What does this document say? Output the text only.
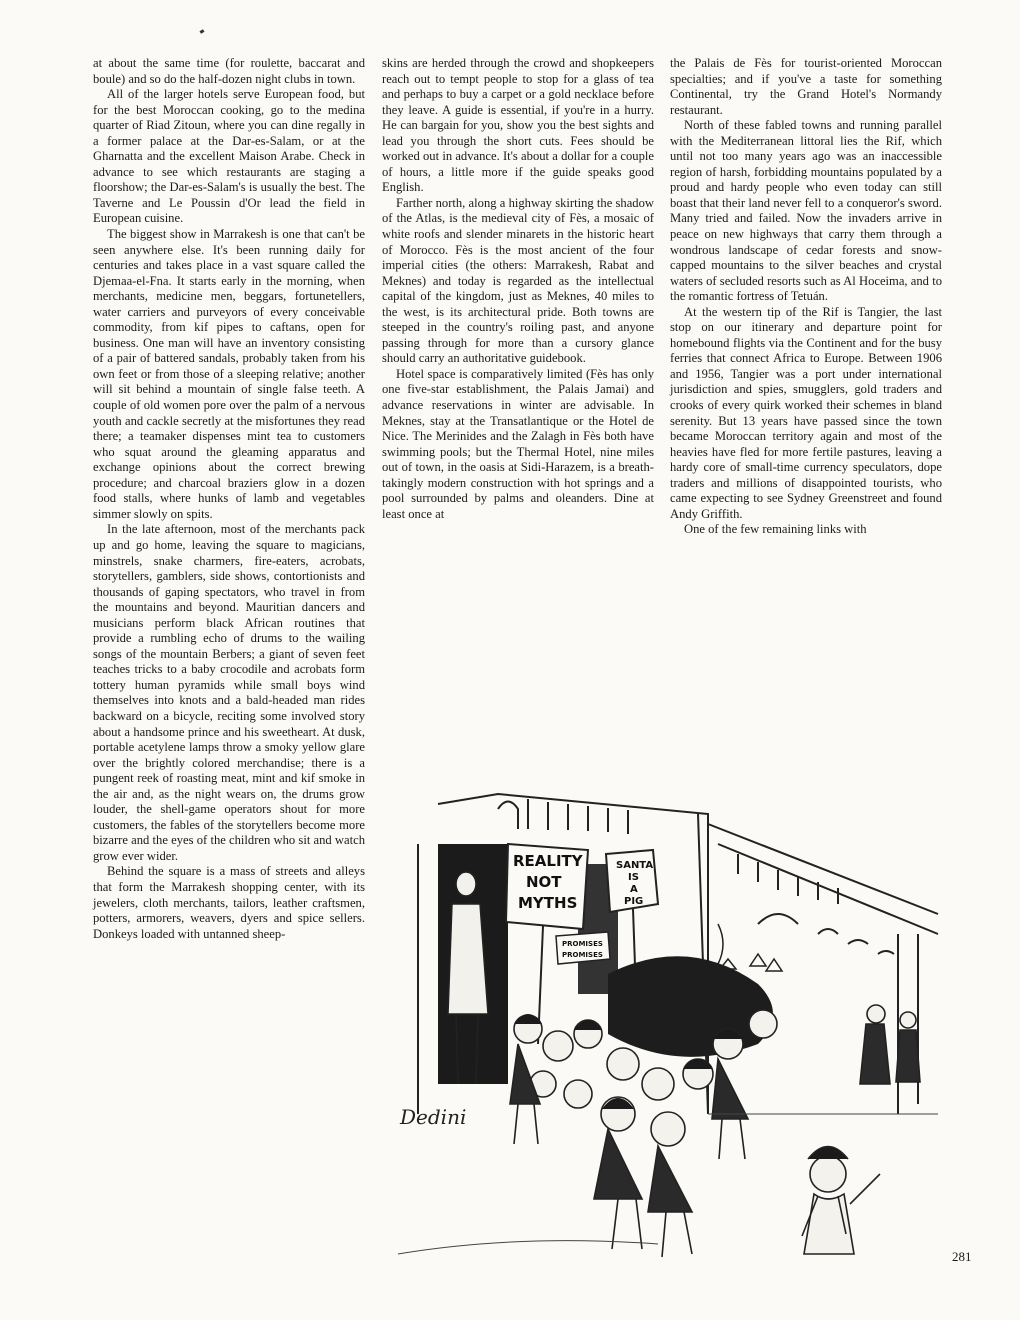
at about the same time (for roulette, baccarat and boule) and so do the half-dozen night clubs in town.

All of the larger hotels serve European food, but for the best Moroccan cooking, go to the medina quarter of Riad Zitoun, where you can dine regally in a former palace at the Dar-es-Salam, or at the Gharnatta and the excellent Maison Arabe. Check in advance to see which restaurants are staging a floorshow; the Dar-es-Salam's is usually the best. The Taverne and Le Poussin d'Or lead the field in European cuisine.

The biggest show in Marrakesh is one that can't be seen anywhere else. It's been running daily for centuries and takes place in a vast square called the Djemaa-el-Fna. It starts early in the morning, when merchants, medicine men, beggars, fortunetellers, water carriers and purveyors of every conceivable commodity, from kif pipes to caftans, open for business. One man will have an inventory consisting of a pair of battered sandals, probably taken from his own feet or from those of a sleeping relative; another will sit behind a mountain of single false teeth. A couple of old women pore over the palm of a nervous youth and cackle secretly at the misfortunes they read there; a teamaker dispenses mint tea to customers who squat around the gleaming apparatus and exchange opinions about the correct brewing procedure; and charcoal braziers glow in a dozen food stalls, where hunks of lamb and vegetables simmer slowly on spits.

In the late afternoon, most of the merchants pack up and go home, leaving the square to magicians, minstrels, snake charmers, fire-eaters, acrobats, storytellers, gamblers, side shows, contortionists and thousands of gaping spectators, who travel in from the mountains and beyond. Mauritian dancers and musicians perform black African routines that provide a rumbling echo of drums to the wailing songs of the mountain Berbers; a giant of seven feet teaches tricks to a baby crocodile and acrobats form tottery human pyramids while small boys wind themselves into knots and a bald-headed man rides backward on a bicycle, reciting some involved story about a handsome prince and his sweetheart. At dusk, portable acetylene lamps throw a smoky yellow glare over the brightly colored merchandise; there is a pungent reek of roasting meat, mint and kif smoke in the air and, as the night wears on, the drums grow louder, the shell-game operators shout for more customers, the fables of the storytellers become more bizarre and the eyes of the children who sit and watch grow ever wider.

Behind the square is a mass of streets and alleys that form the Marrakesh shopping center, with its jewelers, cloth merchants, tailors, leather craftsmen, potters, armorers, weavers, dyers and spice sellers. Donkeys loaded with untanned sheep-

skins are herded through the crowd and shopkeepers reach out to tempt people to stop for a glass of tea and perhaps to buy a carpet or a gold necklace before they leave. A guide is essential, if you're in a hurry. He can bargain for you, show you the best sights and lead you through the short cuts. Fees should be worked out in advance. It's about a dollar for a couple of hours, a little more if the guide speaks good English.

Farther north, along a highway skirting the shadow of the Atlas, is the medieval city of Fès, a mosaic of white roofs and slender minarets in the historic heart of Morocco. Fès is the most ancient of the four imperial cities (the others: Marrakesh, Rabat and Meknes) and today is regarded as the intellectual capital of the kingdom, just as Meknes, 40 miles to the west, is its architectural pride. Both towns are steeped in the country's roiling past, and anyone passing through for more than a cursory glance should carry an authoritative guidebook.

Hotel space is comparatively limited (Fès has only one five-star establishment, the Palais Jamai) and advance reservations in winter are advisable. In Meknes, stay at the Transatlantique or the Hotel de Nice. The Merinides and the Zalagh in Fès both have swimming pools; but the Thermal Hotel, nine miles out of town, in the oasis at Sidi-Harazem, is a breath-takingly modern construction with hot springs and a pool surrounded by palms and oleanders. Dine at least once at

the Palais de Fès for tourist-oriented Moroccan specialties; and if you've a taste for something Continental, try the Grand Hotel's Normandy restaurant.

North of these fabled towns and running parallel with the Mediterranean littoral lies the Rif, which until not too many years ago was an inaccessible region of harsh, forbidding mountains populated by a proud and hardy people who even today can still boast that their land never fell to a conqueror's sword. Many tried and failed. Now the invaders arrive in peace on new highways that carry them through a wondrous landscape of cedar forests and snow-capped mountains to the silver beaches and crystal waters of secluded resorts such as Al Hoceima, and to the romantic fortress of Tetuán.

At the western tip of the Rif is Tangier, the last stop on our itinerary and departure point for homebound flights via the Continent and for the busy ferries that connect Africa to Europe. Between 1906 and 1956, Tangier was a port under international jurisdiction and spies, smugglers, gold traders and crooks of every quirk worked their schemes in bland serenity. But 13 years have passed since the town became Moroccan territory again and most of the heavies have fled for more fertile pastures, leaving a hardy core of small-time currency speculators, dope traders and millions of disappointed tourists, who came expecting to see Sydney Greenstreet and found Andy Griffith.

One of the few remaining links with

REALITY
NOT
MYTHS
SANTA
IS
A
PIG
PROMISES
PROMISES
Dedini
281
